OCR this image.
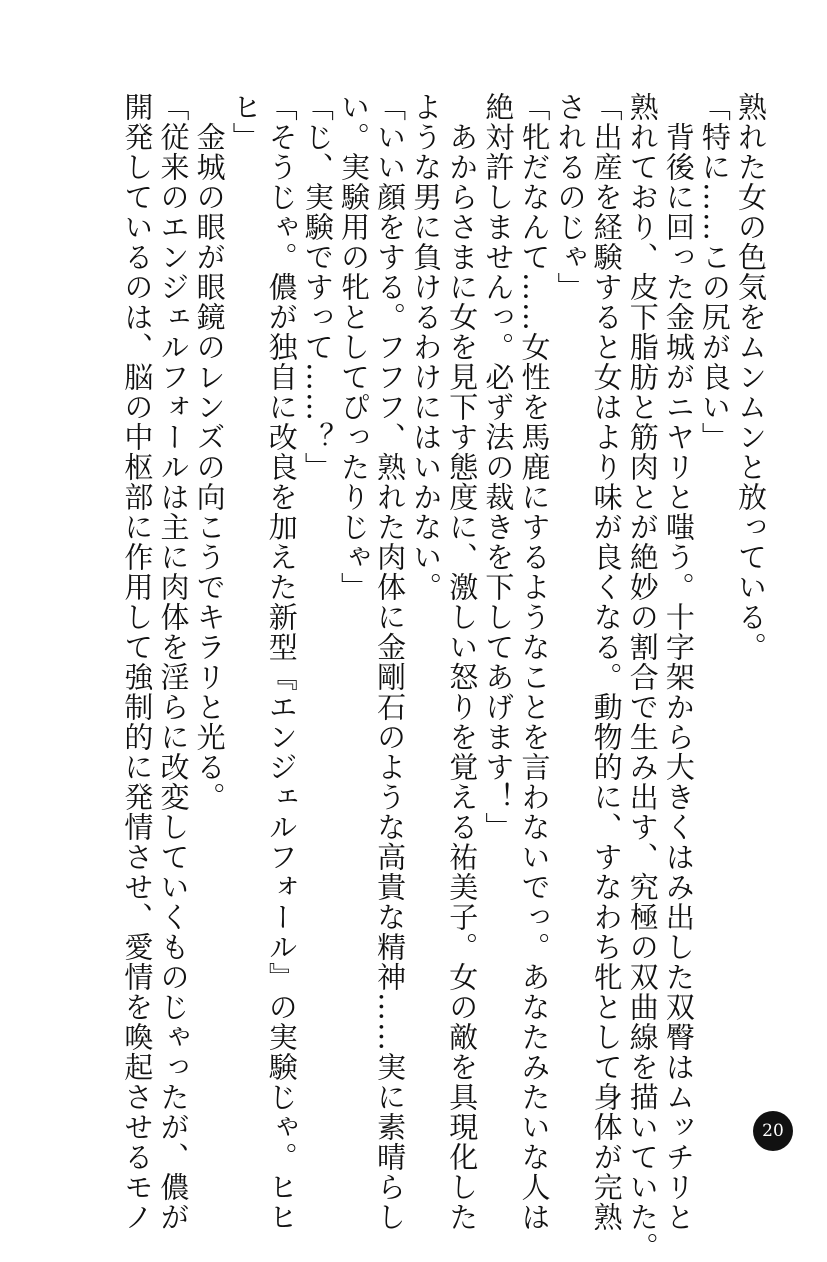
熟れた女の色気をムンムンと放っている。
「特に……この尻が良い」
　背後に回った金城がニヤリと嗤う。十字架から大きくはみ出した双臀はムッチリと
熟れており、皮下脂肪と筋肉とが絶妙の割合で生み出す、究極の双曲線を描いていた。
「出産を経験すると女はより味が良くなる。動物的に、すなわち牝として身体が完熟
されるのじゃ」
「牝だなんて……女性を馬鹿にするようなことを言わないでっ。あなたみたいな人は
絶対許しませんっ。必ず法の裁きを下してあげます！」
　あからさまに女を見下す態度に、激しい怒りを覚える祐美子。女の敵を具現化した
ような男に負けるわけにはいかない。
「いい顔をする。フフフ、熟れた肉体に金剛石のような高貴な精神……実に素晴らし
い。実験用の牝としてぴったりじゃ」
「じ、実験ですって……？」
「そうじゃ。儂が独自に改良を加えた新型『エンジェルフォール』の実験じゃ。ヒヒ
ヒ」
　金城の眼が眼鏡のレンズの向こうでキラリと光る。
「従来のエンジェルフォールは主に肉体を淫らに改変していくものじゃったが、儂が
開発しているのは、脳の中枢部に作用して強制的に発情させ、愛情を喚起させるモノ	20
